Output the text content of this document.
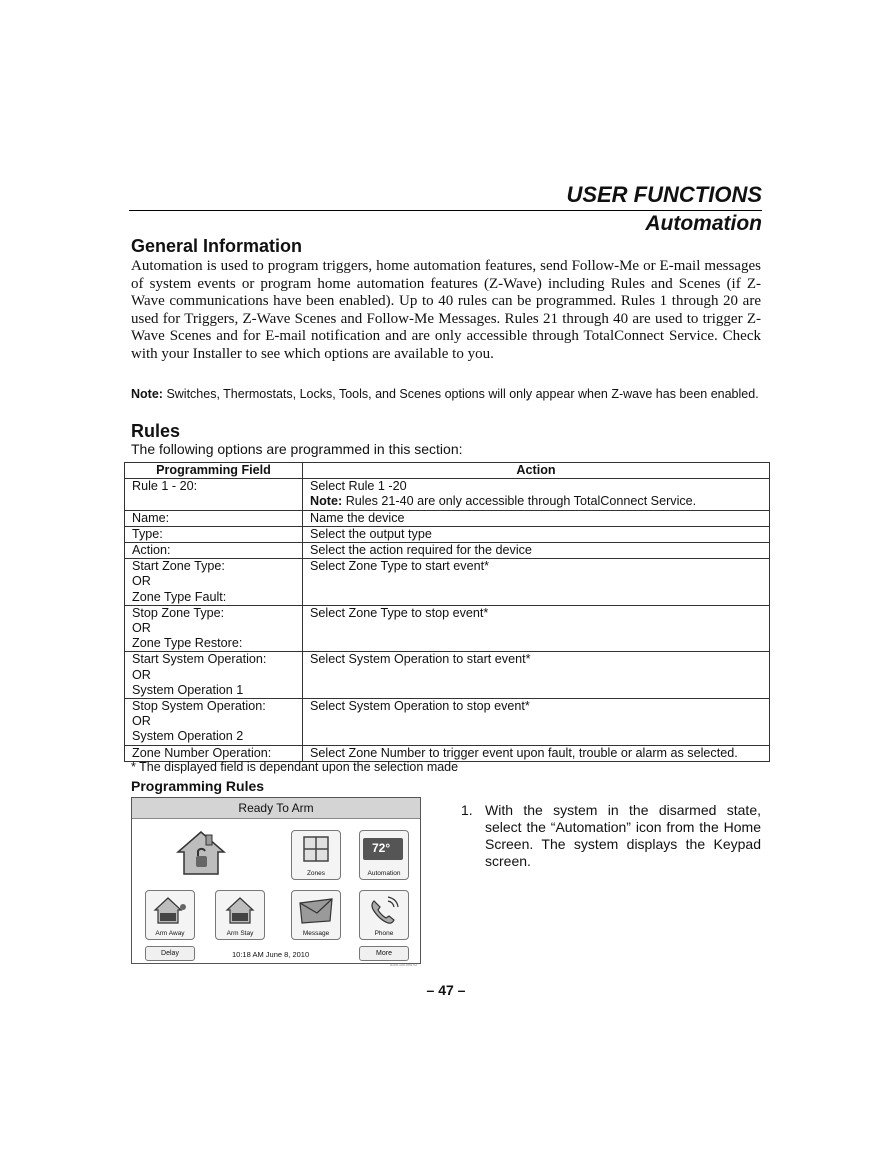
USER FUNCTIONS
Automation
General Information
Automation is used to program triggers, home automation features, send Follow-Me or E-mail messages of system events or program home automation features (Z-Wave) including Rules and Scenes (if Z-Wave communications have been enabled). Up to 40 rules can be programmed. Rules 1 through 20 are used for Triggers, Z-Wave Scenes and Follow-Me Messages. Rules 21 through 40 are used to trigger Z-Wave Scenes and for E-mail notification and are only accessible through TotalConnect Service. Check with your Installer to see which options are available to you.
Note: Switches, Thermostats, Locks, Tools, and Scenes options will only appear when Z-wave has been enabled.
Rules
The following options are programmed in this section:
Programming Field	Action
Rule 1 - 20:	Select Rule 1 -20
Note: Rules 21-40 are only accessible through TotalConnect Service.

Name:	Name the device
Type:	Select the output type
Action:	Select the action required for the device

Start Zone Type:
OR
Zone Type Fault:	Select Zone Type to start event*

Stop Zone Type:
OR
Zone Type Restore:	Select Zone Type to stop event*

Start System Operation:
OR
System Operation 1	Select System Operation to start event*

Stop System Operation:
OR
System Operation 2	Select System Operation to stop event*
Zone Number Operation:	Select Zone Number to trigger event upon fault, trouble or alarm as selected.
* The displayed field is dependant upon the selection made
Programming Rules
Ready To Arm
Zones
72°
Automation
Arm Away	Arm Stay	Message	Phone
Delay	10:18 AM June 8, 2010	More
5100-100-094-V2
1. With the system in the disarmed state, select the “Automation” icon from the Home Screen. The system displays the Keypad screen.
– 47 –
